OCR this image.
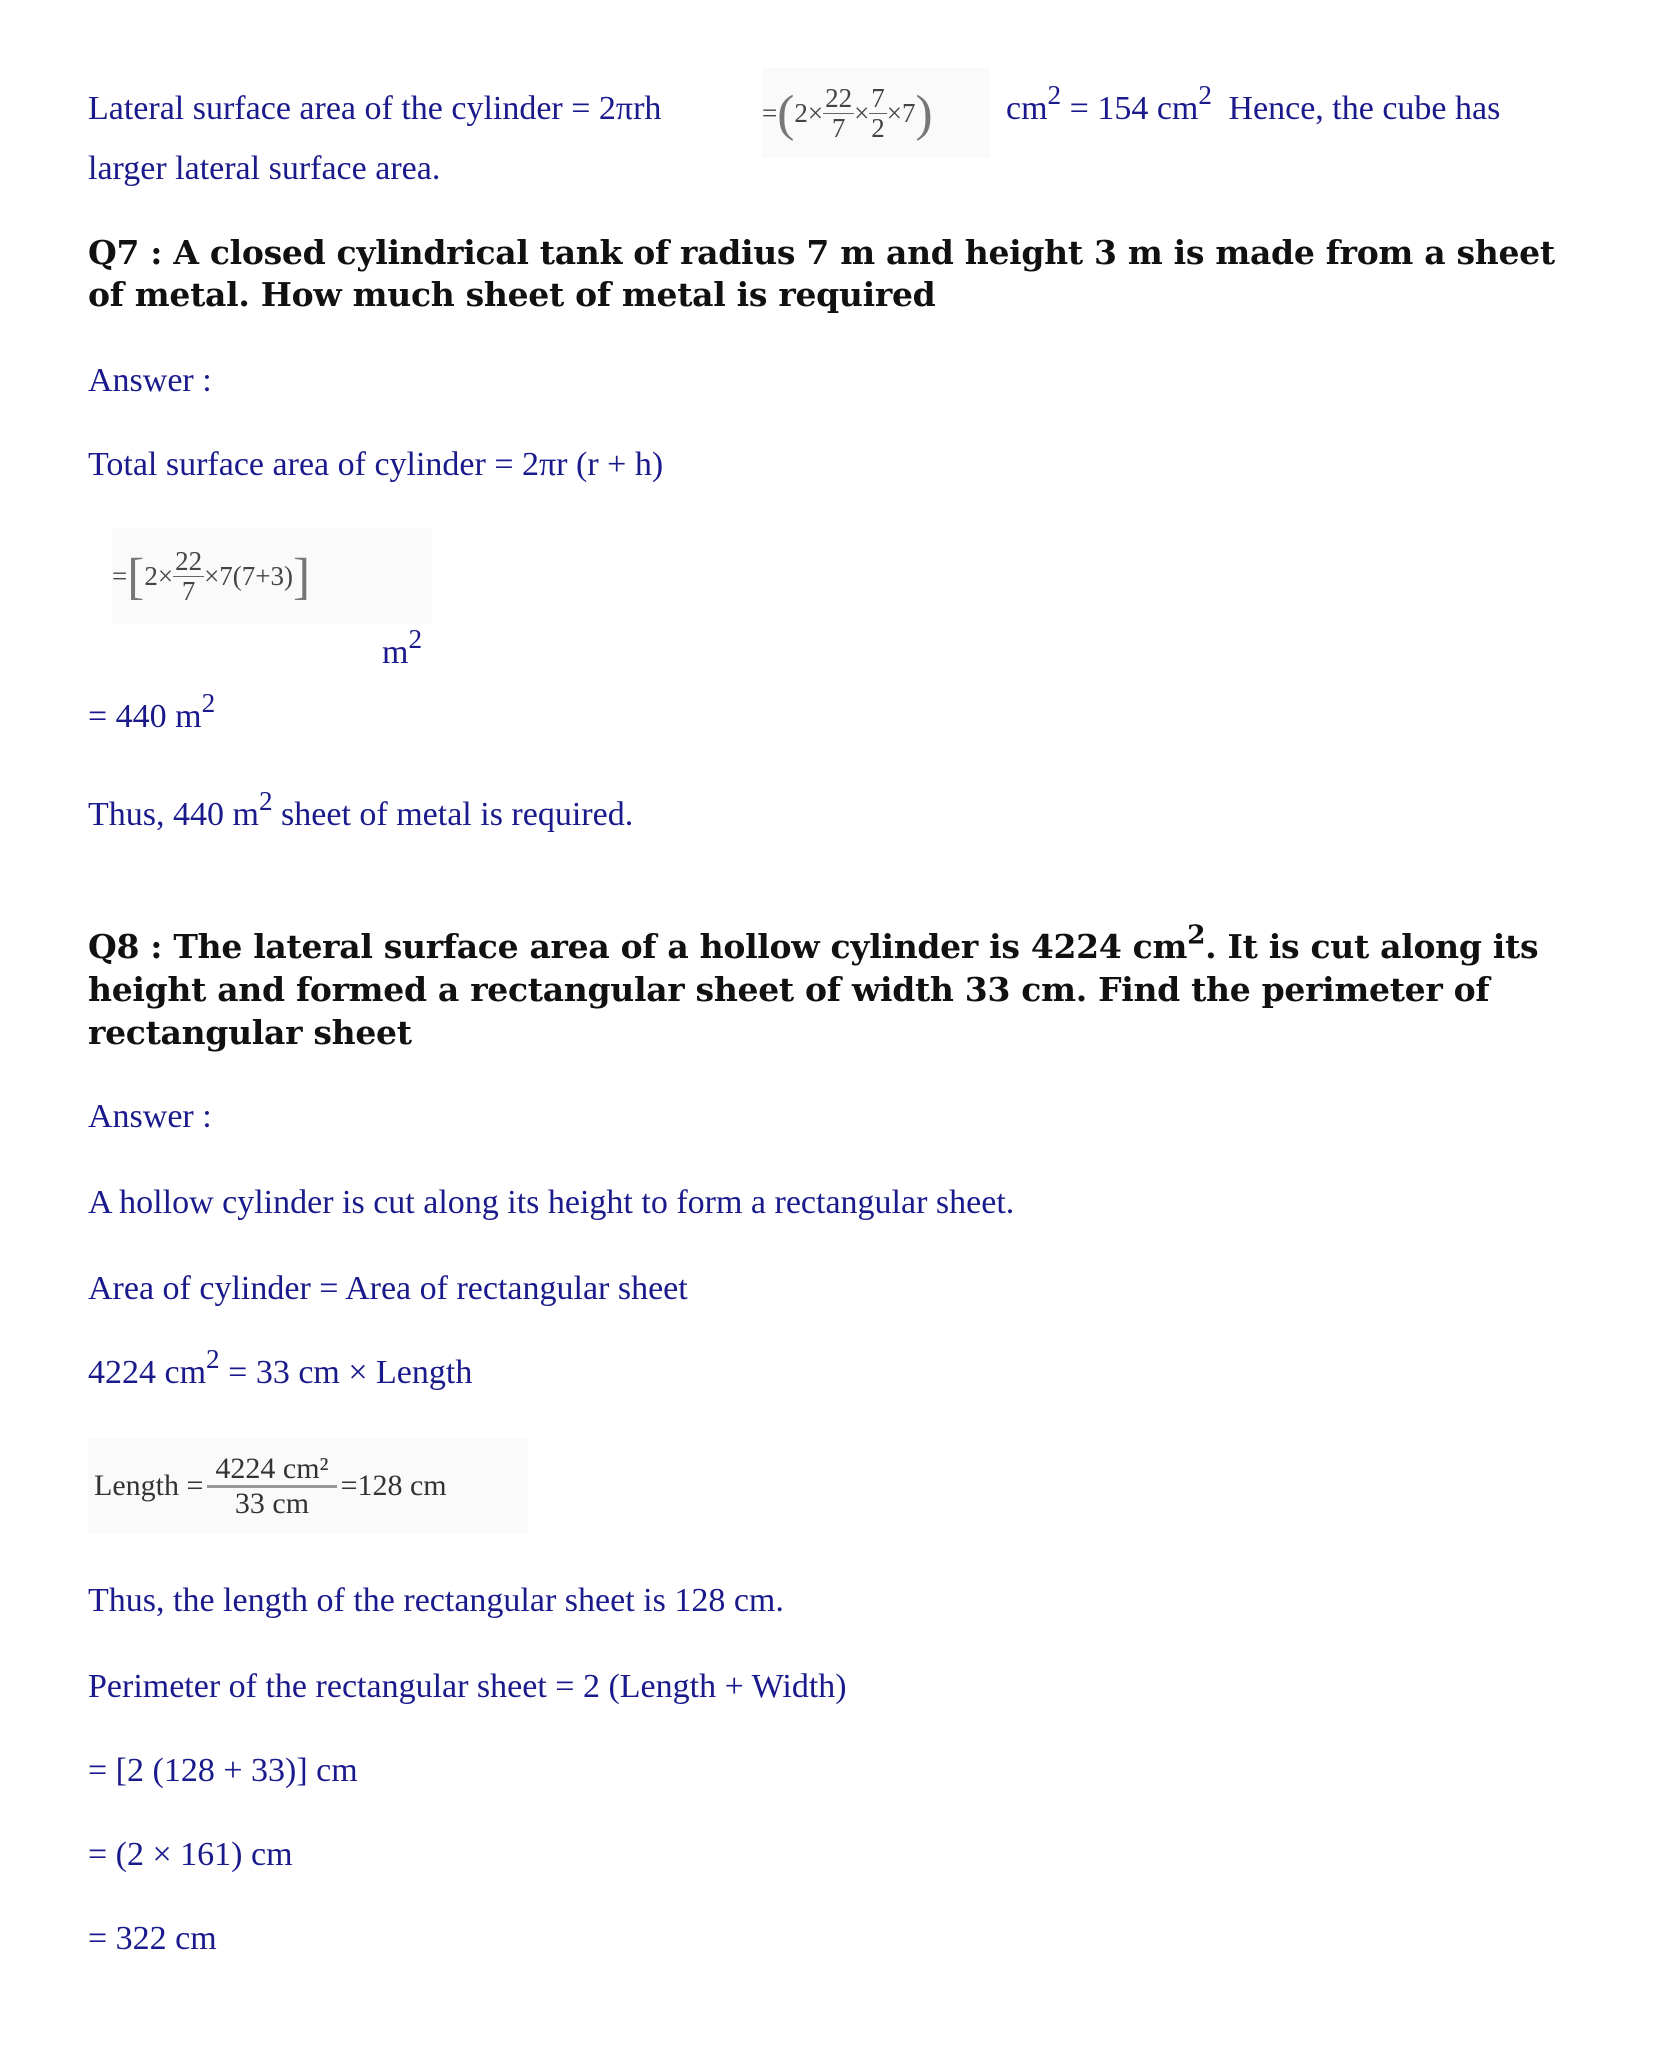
Lateral surface area of the cylinder = 2πrh	= ( $2\times \frac{22}{7} \times \frac{7}{2} \times 7$ ) $cm^2 = 154$ $cm^2$ Hence, the cube has
larger lateral surface area.
Q7 : A closed cylindrical tank of radius 7 m and height 3 m is made from a sheet
of metal. How much sheet of metal is required
Answer :
Total surface area of cylinder = 2πr (r + h)
= [ $2\times \frac{22}{7} \times 7(7+3)$ ]
$m^2$
= 440 $m^2$
Thus, 440 $m^2$ sheet of metal is required.
Q8 : The lateral surface area of a hollow cylinder is 4224 $cm^2$. It is cut along its
height and formed a rectangular sheet of width 33 cm. Find the perimeter of
rectangular sheet
Answer :
A hollow cylinder is cut along its height to form a rectangular sheet.
Area of cylinder = Area of rectangular sheet
4224 $cm^2 = 33$ cm × Length
Length = $\frac{\text{4224 cm²}}{33 cm} =128$ cm
Thus, the length of the rectangular sheet is 128 cm.
Perimeter of the rectangular sheet = 2 (Length + Width)
= [2 (128 + 33)] cm
= (2 × 161) cm
= 322 cm
